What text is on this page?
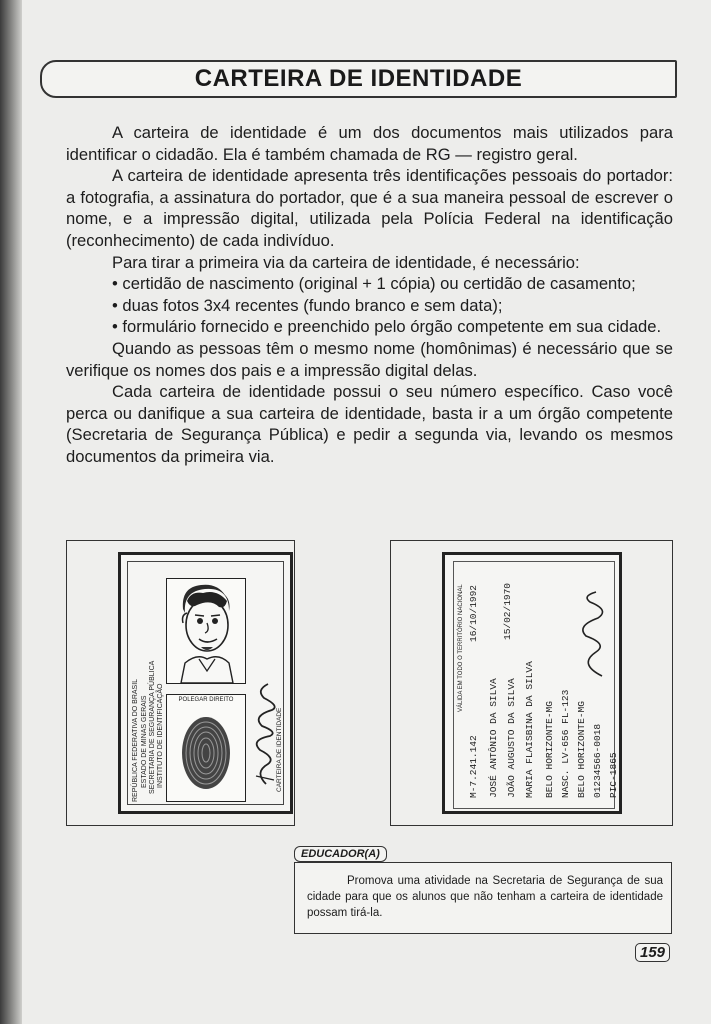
CARTEIRA DE IDENTIDADE

A carteira de identidade é um dos documentos mais utilizados para identificar o cidadão. Ela é também chamada de RG — registro geral.

A carteira de identidade apresenta três identificações pessoais do portador: a fotografia, a assinatura do portador, que é a sua maneira pessoal de escrever o nome, e a impressão digital, utilizada pela Polícia Federal na identificação (reconhecimento) de cada indivíduo.

Para tirar a primeira via da carteira de identidade, é necessário:

• certidão de nascimento (original + 1 cópia) ou certidão de casamento;

• duas fotos 3x4 recentes (fundo branco e sem data);

• formulário fornecido e preenchido pelo órgão competente em sua cidade.

Quando as pessoas têm o mesmo nome (homônimas) é necessário que se verifique os nomes dos pais e a impressão digital delas.

Cada carteira de identidade possui o seu número específico. Caso você perca ou danifique a sua carteira de identidade, basta ir a um órgão competente (Secretaria de Segurança Pública) e pedir a segunda via, levando os mesmos documentos da primeira via.

REPÚBLICA FEDERATIVA DO BRASIL ESTADO DE MINAS GERAIS SECRETARIA DE SEGURANÇA PÚBLICA INSTITUTO DE IDENTIFICAÇÃO	POLEGAR DIREITO
CARTEIRA DE IDENTIDADE
VÁLIDA EM TODO O TERRITÓRIO NACIONAL
M-7.241.142
16/10/1992
JOSÉ ANTÔNIO DA SILVA JOÃO AUGUSTO DA SILVA MARIA FLAISBINA DA SILVA
15/02/1970
BELO HORIZONTE-MG NASC. LV-656 FL-123 BELO HORIZONTE-MG 01234566-0018 PIC-1865
EDUCADOR(A)

Promova uma atividade na Secretaria de Segurança de sua cidade para que os alunos que não tenham a carteira de identidade possam tirá-la.

159
